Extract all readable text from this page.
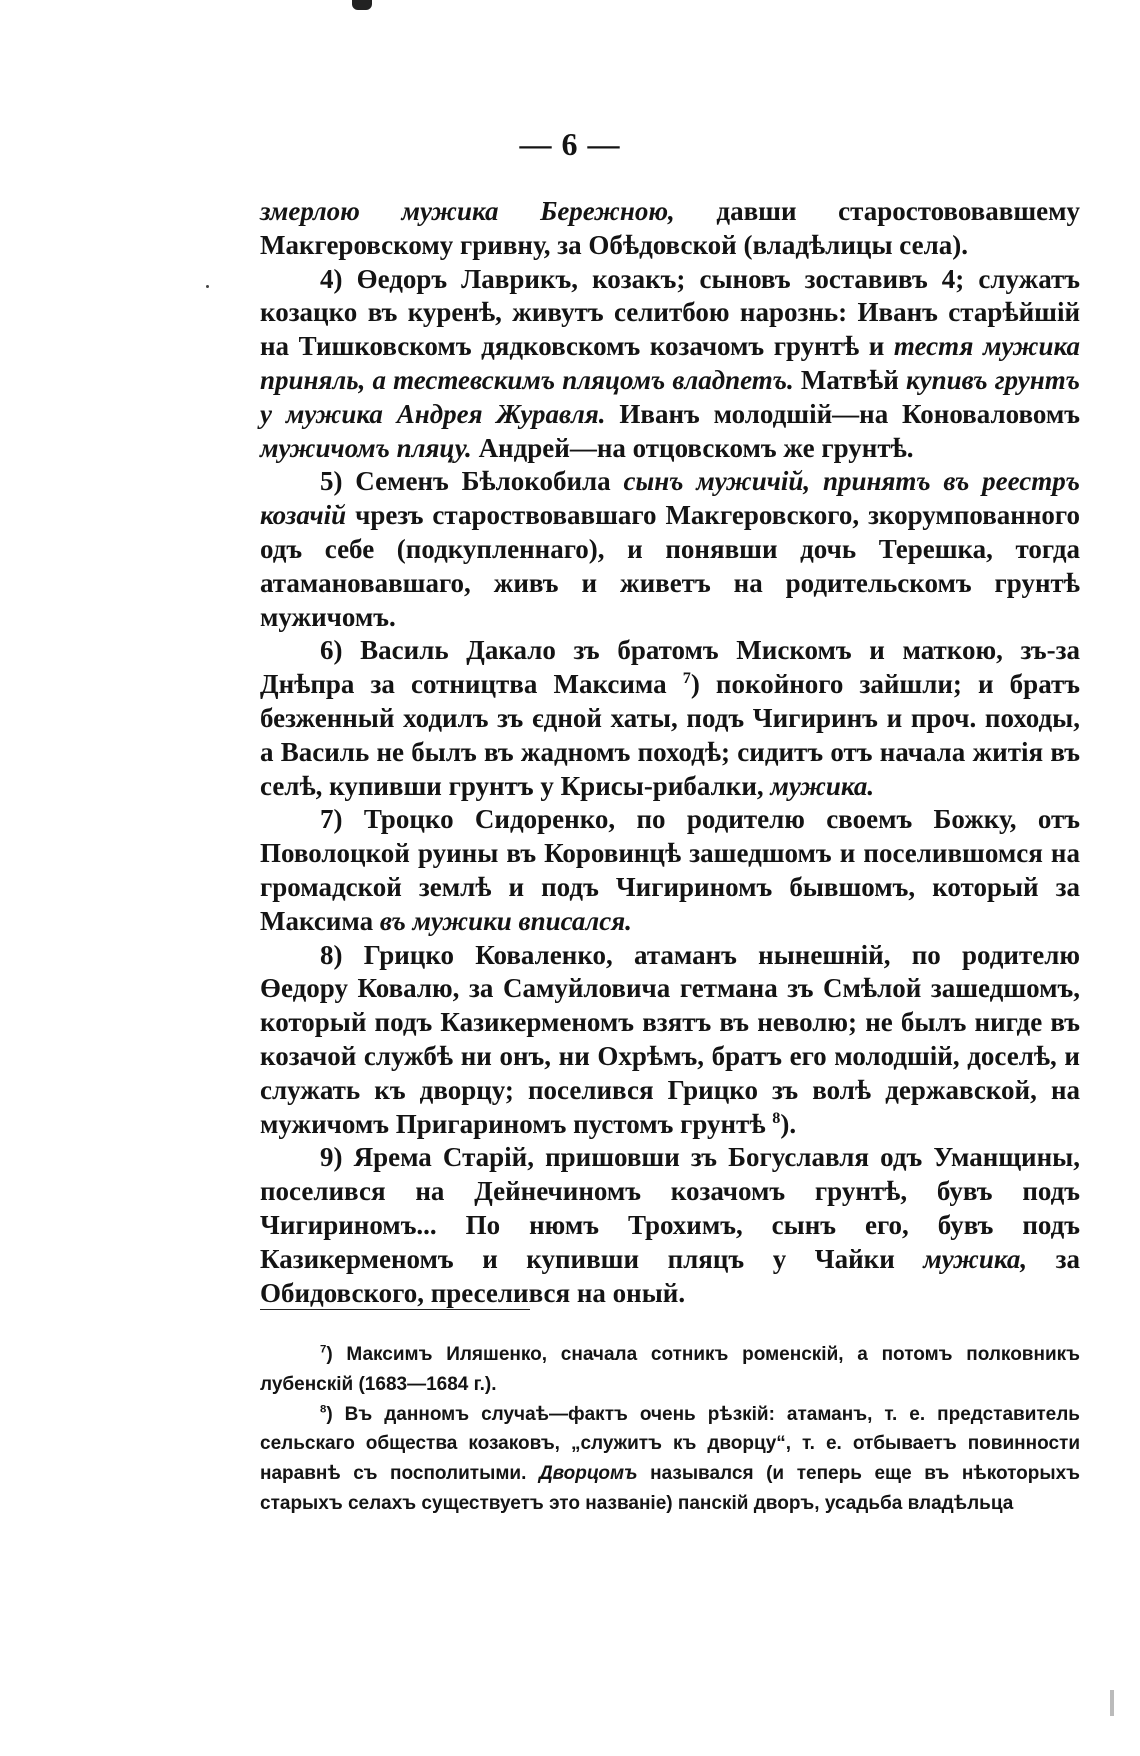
— 6 —

змерлою мужика Бережною, давши старостововавшему Макгеровскому гривну, за Обѣдовской (владѣлицы села).

4) Өедоръ Лаврикъ, козакъ; сыновъ зоставивъ 4; служатъ козацко въ куренѣ, живутъ селитбою нарознь: Иванъ старѣйшій на Тишковскомъ дядковскомъ козачомъ грунтѣ и тестя мужика приняль, а тестевскимъ пляцомъ владпетъ. Матвѣй купивъ грунтъ у мужика Андрея Журавля. Иванъ молодшій—на Коноваловомъ мужичомъ пляцу. Андрей—на отцовскомъ же грунтѣ.

5) Семенъ Бѣлокобила сынъ мужичій, принятъ въ реестръ козачій чрезъ староствовавшаго Макгеровского, зкорумпованного одъ себе (подкупленнаго), и понявши дочь Терешка, тогда атамановавшаго, живъ и живетъ на родительскомъ грунтѣ мужичомъ.

6) Василь Дакало зъ братомъ Мискомъ и маткою, зъ-за Днѣпра за сотництва Максима $^7$) покойного зайшли; и братъ безженный ходилъ зъ єдной хаты, подъ Чигиринъ и проч. походы, а Василь не былъ въ жадномъ походѣ; сидитъ отъ начала житія въ селѣ, купивши грунтъ у Крисы-рибалки, мужика.

7) Троцко Сидоренко, по родителю своемъ Божку, отъ Поволоцкой руины въ Коровинцѣ зашедшомъ и поселившомся на громадской землѣ и подъ Чигириномъ бывшомъ, который за Максима въ мужики вписался.

8) Грицко Коваленко, атаманъ нынешній, по родителю Өедору Ковалю, за Самуйловича гетмана зъ Смѣлой зашедшомъ, который подъ Казикерменомъ взятъ въ неволю; не былъ нигде въ козачой службѣ ни онъ, ни Охрѣмъ, братъ его молодшій, доселѣ, и служать къ дворцу; поселився Грицко зъ волѣ державской, на мужичомъ Пригариномъ пустомъ грунтѣ $^8$).

9) Ярема Старій, пришовши зъ Богуславля одъ Уманщины, поселився на Дейнечиномъ козачомъ грунтѣ, бувъ подъ Чигириномъ... По нюмъ Трохимъ, сынъ его, бувъ подъ Казикерменомъ и купивши пляцъ у Чайки мужика, за Обидовского, преселився на оный.

$^7$) Максимъ Иляшенко, сначала сотникъ роменскій, а потомъ полковникъ лубенскій (1683—1684 г.).

$^8$) Въ данномъ случаѣ—фактъ очень рѣзкій: атаманъ, т. е. представитель сельскаго общества козаковъ, „служитъ къ дворцу“, т. е. отбываетъ повинности наравнѣ съ посполитыми. Дворцомъ назывался (и теперь еще въ нѣкоторыхъ старыхъ селахъ существуетъ это названіе) панскій дворъ, усадьба владѣльца
